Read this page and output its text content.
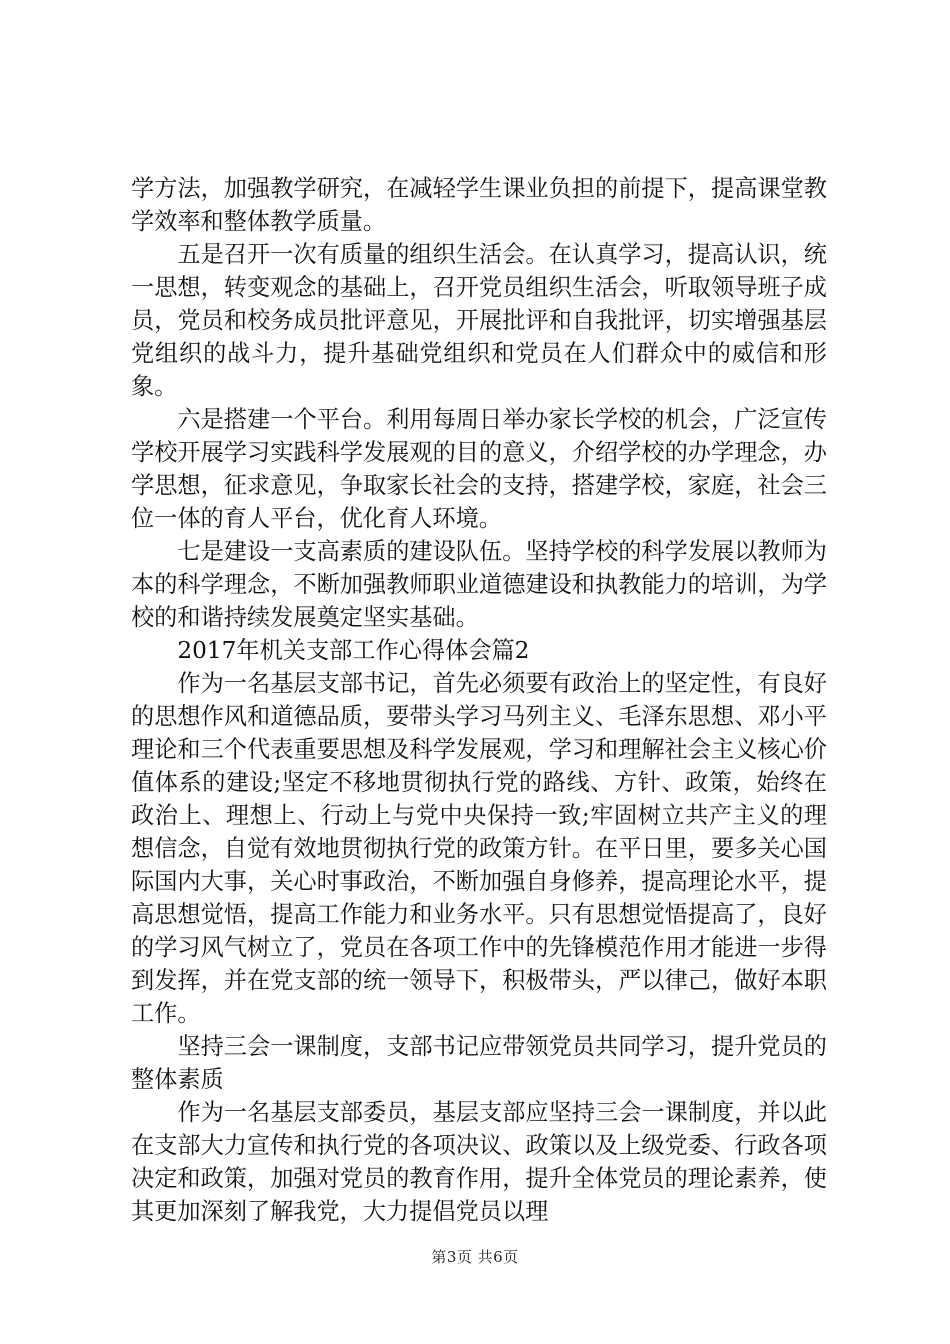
学方法，加强教学研究，在减轻学生课业负担的前提下，提高课堂教学效率和整体教学质量。

五是召开一次有质量的组织生活会。在认真学习，提高认识，统一思想，转变观念的基础上，召开党员组织生活会，听取领导班子成员，党员和校务成员批评意见，开展批评和自我批评，切实增强基层党组织的战斗力，提升基础党组织和党员在人们群众中的威信和形象。

六是搭建一个平台。利用每周日举办家长学校的机会，广泛宣传学校开展学习实践科学发展观的目的意义，介绍学校的办学理念，办学思想，征求意见，争取家长社会的支持，搭建学校，家庭，社会三位一体的育人平台，优化育人环境。

七是建设一支高素质的建设队伍。坚持学校的科学发展以教师为本的科学理念，不断加强教师职业道德建设和执教能力的培训，为学校的和谐持续发展奠定坚实基础。

2017年机关支部工作心得体会篇2

作为一名基层支部书记，首先必须要有政治上的坚定性，有良好的思想作风和道德品质，要带头学习马列主义、毛泽东思想、邓小平理论和三个代表重要思想及科学发展观，学习和理解社会主义核心价值体系的建设;坚定不移地贯彻执行党的路线、方针、政策，始终在政治上、理想上、行动上与党中央保持一致;牢固树立共产主义的理想信念，自觉有效地贯彻执行党的政策方针。在平日里，要多关心国际国内大事，关心时事政治，不断加强自身修养，提高理论水平，提高思想觉悟，提高工作能力和业务水平。只有思想觉悟提高了，良好的学习风气树立了，党员在各项工作中的先锋模范作用才能进一步得到发挥，并在党支部的统一领导下，积极带头，严以律己，做好本职工作。

坚持三会一课制度，支部书记应带领党员共同学习，提升党员的整体素质

作为一名基层支部委员，基层支部应坚持三会一课制度，并以此在支部大力宣传和执行党的各项决议、政策以及上级党委、行政各项决定和政策，加强对党员的教育作用，提升全体党员的理论素养，使其更加深刻了解我党，大力提倡党员以理

第3页 共6页
